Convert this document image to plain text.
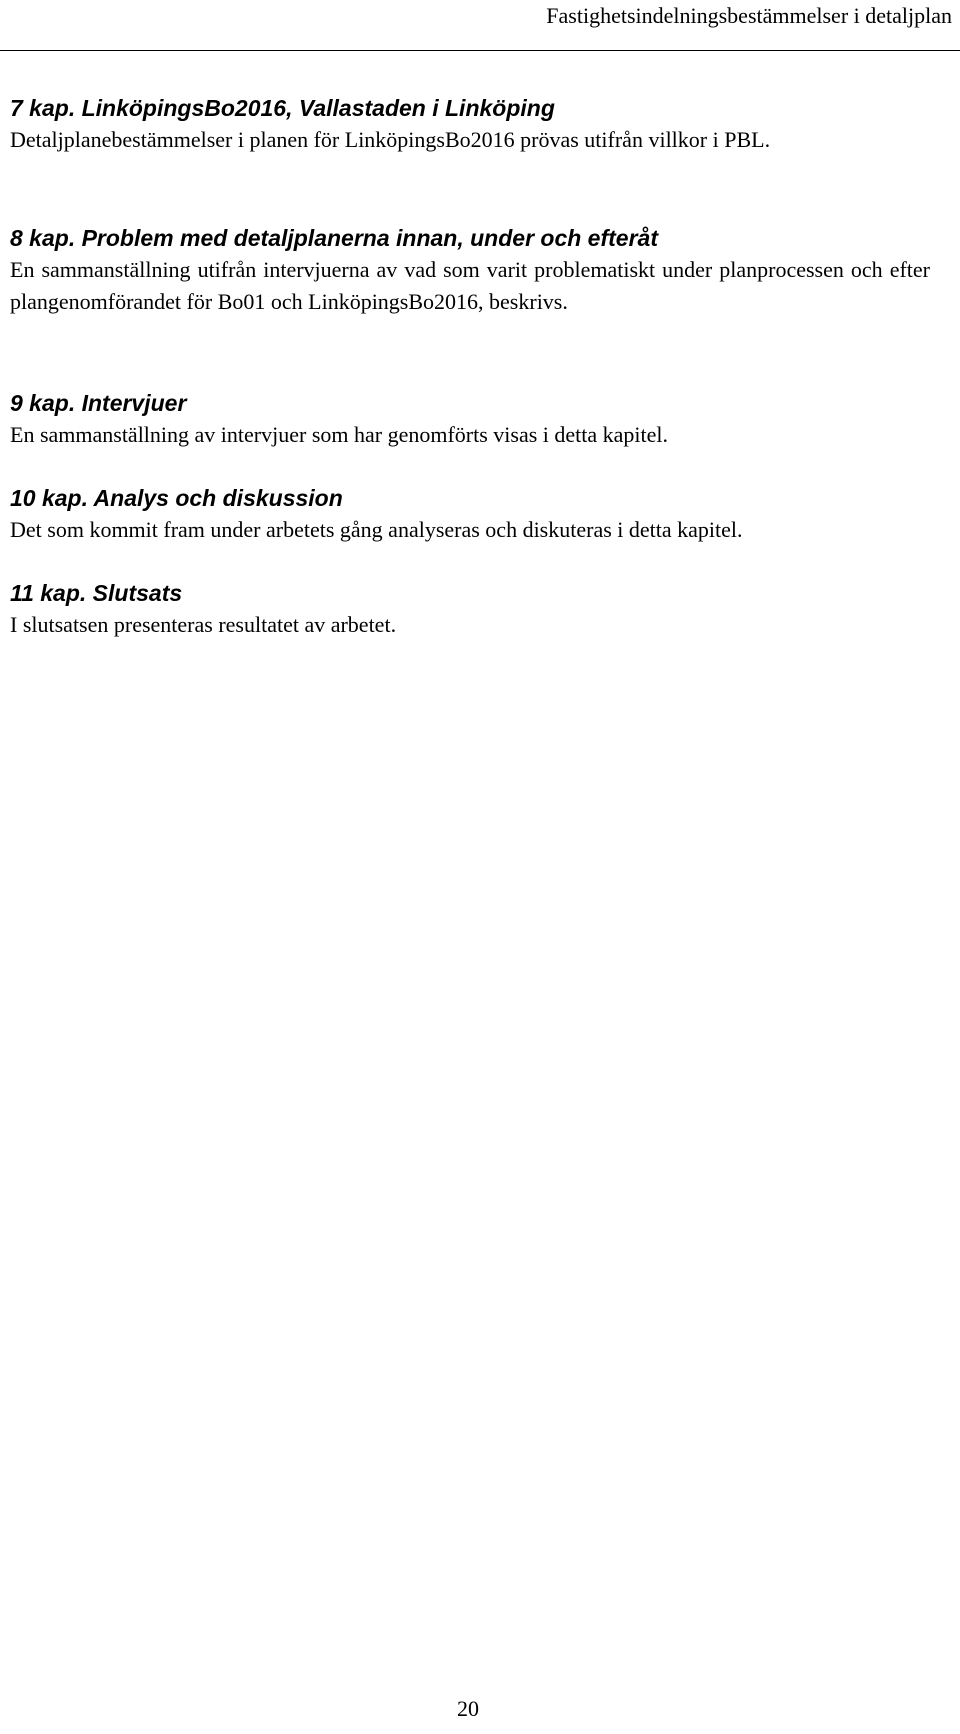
Fastighetsindelningsbestämmelser i detaljplan
7 kap. LinköpingsBo2016, Vallastaden i Linköping

Detaljplanebestämmelser i planen för LinköpingsBo2016 prövas utifrån villkor i PBL.

8 kap. Problem med detaljplanerna innan, under och efteråt

En sammanställning utifrån intervjuerna av vad som varit problematiskt under planprocessen och efter plangenomförandet för Bo01 och LinköpingsBo2016, beskrivs.

9 kap. Intervjuer

En sammanställning av intervjuer som har genomförts visas i detta kapitel.

10 kap. Analys och diskussion

Det som kommit fram under arbetets gång analyseras och diskuteras i detta kapitel.

11 kap. Slutsats

I slutsatsen presenteras resultatet av arbetet.

20
